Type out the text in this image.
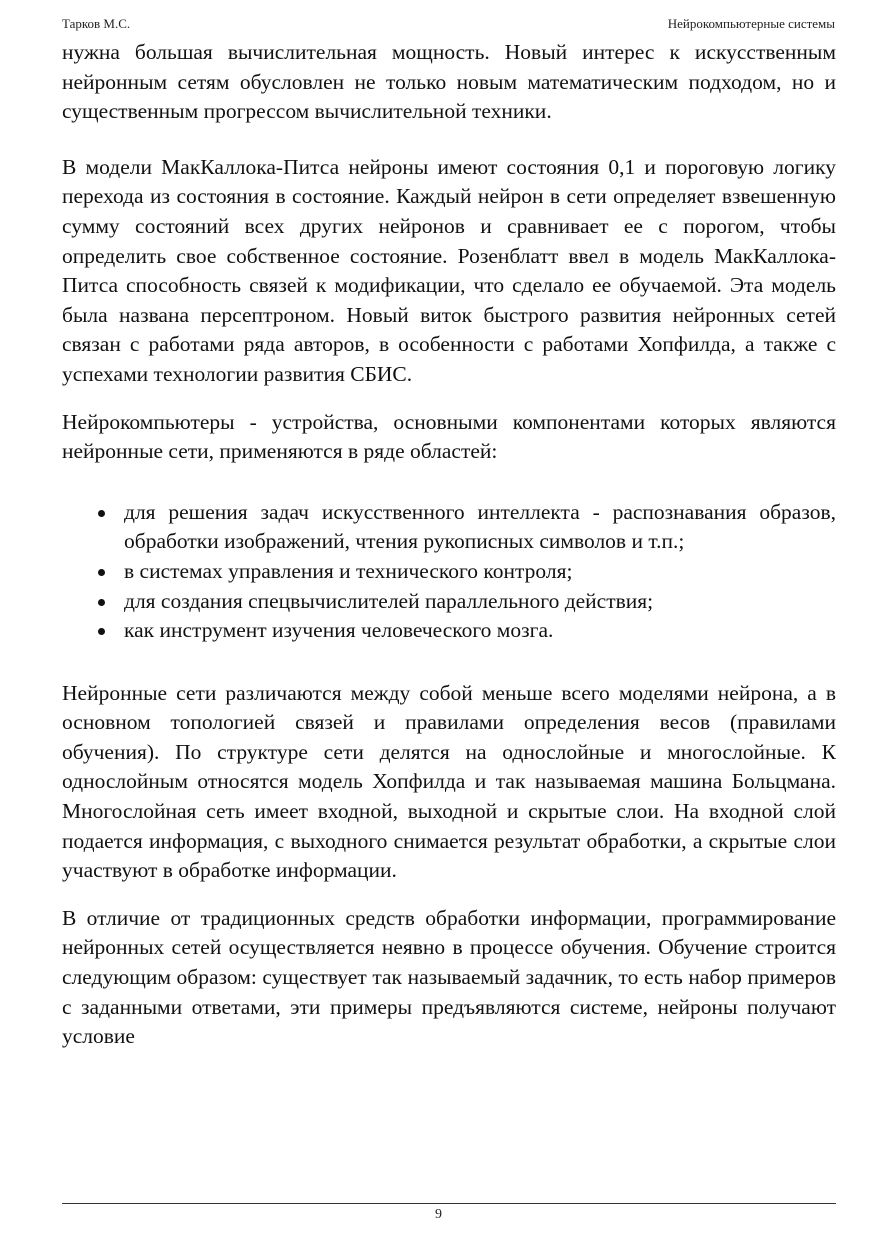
Тарков М.С.	Нейрокомпьютерные системы

нужна большая вычислительная мощность. Новый интерес к искусственным нейронным сетям обусловлен не только новым математическим подходом, но и существенным прогрессом вычислительной техники.

В модели МакКаллока-Питса нейроны имеют состояния 0,1 и пороговую логику перехода из состояния в состояние. Каждый нейрон в сети определяет взвешенную сумму состояний всех других нейронов и сравнивает ее с порогом, чтобы определить свое собственное состояние. Розенблатт ввел в модель МакКаллока-Питса способность связей к модификации, что сделало ее обучаемой. Эта модель была названа персептроном. Новый виток быстрого развития нейронных сетей связан с работами ряда авторов, в особенности с работами Хопфилда, а также с успехами технологии развития СБИС.

Нейрокомпьютеры - устройства, основными компонентами которых являются нейронные сети, применяются в ряде областей:

для решения задач искусственного интеллекта - распознавания образов, обработки изображений, чтения рукописных символов и т.п.;
в системах управления и технического контроля;
для создания спецвычислителей параллельного действия;
как инструмент изучения человеческого мозга.

Нейронные сети различаются между собой меньше всего моделями нейрона, а в основном топологией связей и правилами определения весов (правилами обучения). По структуре сети делятся на однослойные и многослойные. К однослойным относятся модель Хопфилда и так называемая машина Больцмана. Многослойная сеть имеет входной, выходной и скрытые слои. На входной слой подается информация, с выходного снимается результат обработки, а скрытые слои участвуют в обработке информации.

В отличие от традиционных средств обработки информации, программирование нейронных сетей осуществляется неявно в процессе обучения. Обучение строится следующим образом: существует так называемый задачник, то есть набор примеров с заданными ответами, эти примеры предъявляются системе, нейроны получают условие

9
